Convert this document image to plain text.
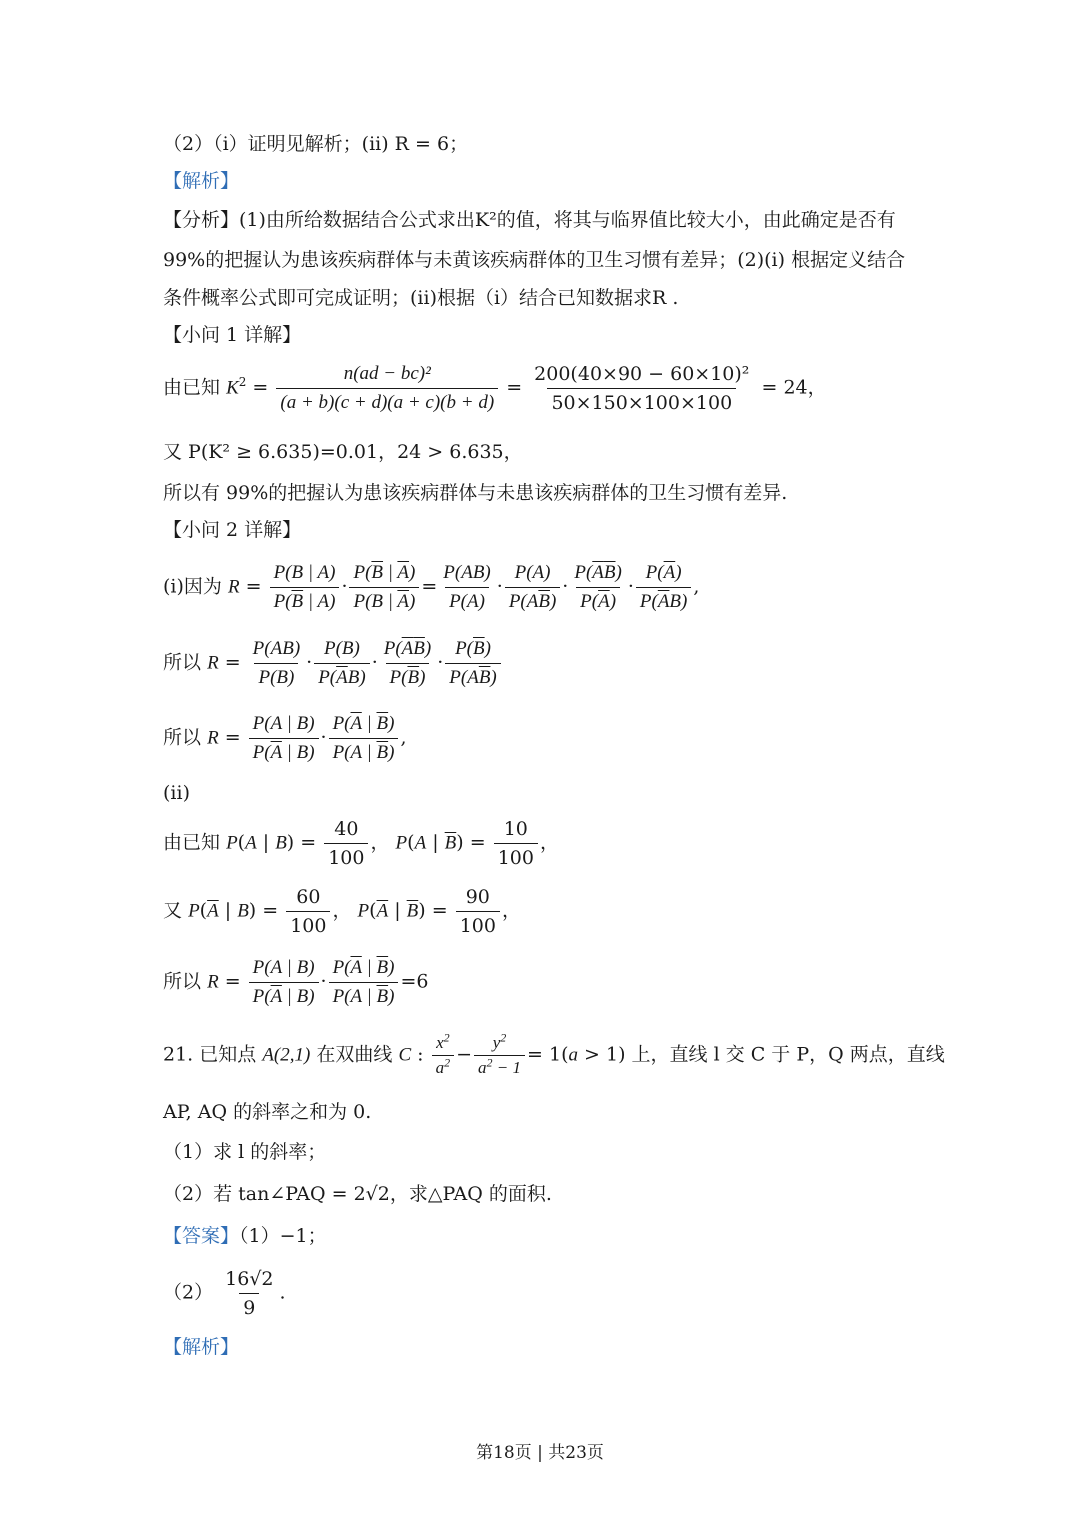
（2）（i）证明见解析；(ii) R = 6；
【解析】
【分析】(1)由所给数据结合公式求出K²的值，将其与临界值比较大小，由此确定是否有
99%的把握认为患该疾病群体与未黄该疾病群体的卫生习惯有差异；(2)(i) 根据定义结合
条件概率公式即可完成证明；(ii)根据（i）结合已知数据求R .
【小问 1 详解】
由已知 $K^2 = \frac{\text{n(ad − bc)²}}{(a + b)(c + d)(a + c)(b + d)} = \frac{\text{200(40×90 − 60×10)²}}{50\times 150\times 100\times 100} = 24$，
又 P(K² ≥ 6.635)=0.01，24 > 6.635，
所以有 99%的把握认为患该疾病群体与未患该疾病群体的卫生习惯有差异.
【小问 2 详解】
(i)因为 $R = \frac{P(B | A)}{P(\overline{B} | A)} \cdot \frac{P(\overline{B} | \overline{A})}{P(B | \overline{A})} = \frac{P(AB)}{P(A)} \cdot \frac{P(A)}{P(A\overline{B})} \cdot \frac{P(\overline{A}\overline{B})}{P(\overline{A})} \cdot \frac{P(\overline{A})}{P(\overline{A}B)}$ ,
所以 $R = \frac{P(AB)}{P(B)} \cdot \frac{P(B)}{P(\overline{A}B)} \cdot \frac{P(\overline{A}\overline{B})}{P(\overline{B})} \cdot \frac{P(\overline{B})}{P(A\overline{B})}$
所以 $R = \frac{P(A | B)}{P(\overline{A} | B)} \cdot \frac{P(\overline{A} | \overline{B})}{P(A | \overline{B})}$ ,
(ii)
由已知 P(A | $B) = \frac{40}{100}$ ， P(A | $\overline{B}) = \frac{10}{100}$ ，
又 $P(\overline{A}$ | $B) = \frac{60}{100}$ ， $P(\overline{A}$ | $\overline{B}) = \frac{90}{100}$ ，
所以 $R = \frac{P(A | B)}{P(\overline{A} | B)} \cdot \frac{P(\overline{A} | \overline{B})}{P(A | \overline{B})} =6$
21. 已知点 A(2,1) 在双曲线 C : $\frac{x^2}{a^2} - \frac{y^2}{a^2 - 1} = 1(a > 1)$ 上，直线 l 交 C 于 P，Q 两点，直线
AP, AQ 的斜率之和为 0.
（1）求 l 的斜率；
（2）若 tan∠PAQ = 2√2，求△PAQ 的面积.
【答案】（1）−1；
$(2) \frac{16√2}{9}$ .
【解析】
第18页 | 共23页
